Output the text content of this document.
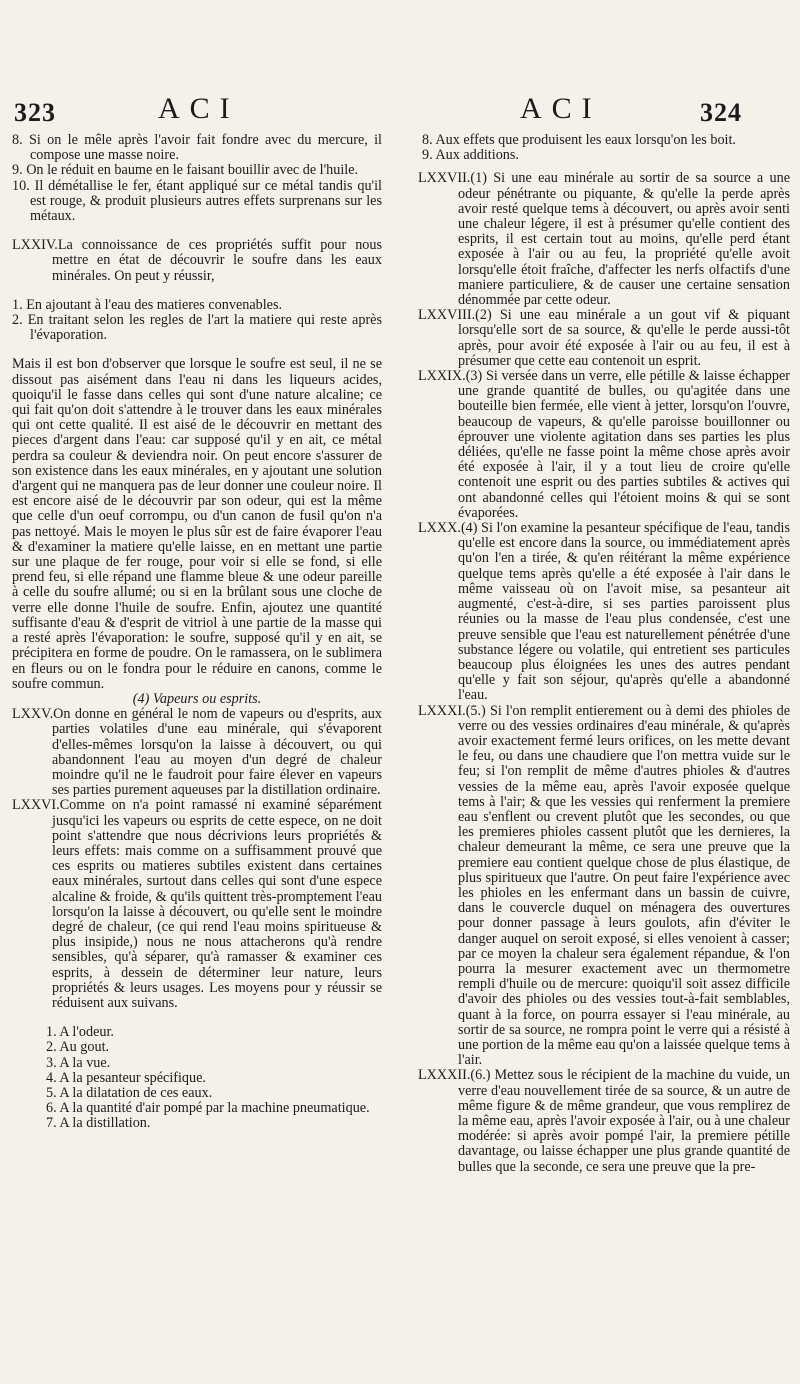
323	ACI	ACI	324

8. Si on le mêle après l'avoir fait fondre avec du mercure, il compose une masse noire.

9. On le réduit en baume en le faisant bouillir avec de l'huile.

10. Il démétallise le fer, étant appliqué sur ce métal tandis qu'il est rouge, & produit plusieurs autres effets surprenans sur les métaux.

LXXIV.La connoissance de ces propriétés suffit pour nous mettre en état de découvrir le soufre dans les eaux minérales. On peut y réussir,

1. En ajoutant à l'eau des matieres convenables.

2. En traitant selon les regles de l'art la matiere qui reste après l'évaporation.

Mais il est bon d'observer que lorsque le soufre est seul, il ne se dissout pas aisément dans l'eau ni dans les liqueurs acides, quoiqu'il le fasse dans celles qui sont d'une nature alcaline; ce qui fait qu'on doit s'attendre à le trouver dans les eaux minérales qui ont cette qualité. Il est aisé de le découvrir en mettant des pieces d'argent dans l'eau: car supposé qu'il y en ait, ce métal perdra sa couleur & deviendra noir. On peut encore s'assurer de son existence dans les eaux minérales, en y ajoutant une solution d'argent qui ne manquera pas de leur donner une couleur noire. Il est encore aisé de le découvrir par son odeur, qui est la même que celle d'un oeuf corrompu, ou d'un canon de fusil qu'on n'a pas nettoyé. Mais le moyen le plus sûr est de faire évaporer l'eau & d'examiner la matiere qu'elle laisse, en en mettant une partie sur une plaque de fer rouge, pour voir si elle se fond, si elle prend feu, si elle répand une flamme bleue & une odeur pareille à celle du soufre allumé; ou si en la brûlant sous une cloche de verre elle donne l'huile de soufre. Enfin, ajoutez une quantité suffisante d'eau & d'esprit de vitriol à une partie de la masse qui a resté après l'évaporation: le soufre, supposé qu'il y en ait, se précipitera en forme de poudre. On le ramassera, on le sublimera en fleurs ou on le fondra pour le réduire en canons, comme le soufre commun.

(4) Vapeurs ou esprits.

LXXV.On donne en général le nom de vapeurs ou d'esprits, aux parties volatiles d'une eau minérale, qui s'évaporent d'elles-mêmes lorsqu'on la laisse à découvert, ou qui abandonnent l'eau au moyen d'un degré de chaleur moindre qu'il ne le faudroit pour faire élever en vapeurs ses parties purement aqueuses par la distillation ordinaire.

LXXVI.Comme on n'a point ramassé ni examiné séparément jusqu'ici les vapeurs ou esprits de cette espece, on ne doit point s'attendre que nous décrivions leurs propriétés & leurs effets: mais comme on a suffisamment prouvé que ces esprits ou matieres subtiles existent dans certaines eaux minérales, surtout dans celles qui sont d'une espece alcaline & froide, & qu'ils quittent très-promptement l'eau lorsqu'on la laisse à découvert, ou qu'elle sent le moindre degré de chaleur, (ce qui rend l'eau moins spiritueuse & plus insipide,) nous ne nous attacherons qu'à rendre sensibles, qu'à séparer, qu'à ramasser & examiner ces esprits, à dessein de déterminer leur nature, leurs propriétés & leurs usages. Les moyens pour y réussir se réduisent aux suivans.

1. A l'odeur.

2. Au gout.

3. A la vue.

4. A la pesanteur spécifique.

5. A la dilatation de ces eaux.

6. A la quantité d'air pompé par la machine pneumatique.

7. A la distillation.

8. Aux effets que produisent les eaux lorsqu'on les boit.

9. Aux additions.

LXXVII.(1) Si une eau minérale au sortir de sa source a une odeur pénétrante ou piquante, & qu'elle la perde après avoir resté quelque tems à découvert, ou après avoir senti une chaleur légere, il est à présumer qu'elle contient des esprits, il est certain tout au moins, qu'elle perd étant exposée à l'air ou au feu, la propriété qu'elle avoit lorsqu'elle étoit fraîche, d'affecter les nerfs olfactifs d'une maniere particuliere, & de causer une certaine sensation dénommée par cette odeur.

LXXVIII.(2) Si une eau minérale a un gout vif & piquant lorsqu'elle sort de sa source, & qu'elle le perde aussi-tôt après, pour avoir été exposée à l'air ou au feu, il est à présumer que cette eau contenoit un esprit.

LXXIX.(3) Si versée dans un verre, elle pétille & laisse échapper une grande quantité de bulles, ou qu'agitée dans une bouteille bien fermée, elle vient à jetter, lorsqu'on l'ouvre, beaucoup de vapeurs, & qu'elle paroisse bouillonner ou éprouver une violente agitation dans ses parties les plus déliées, qu'elle ne fasse point la même chose après avoir été exposée à l'air, il y a tout lieu de croire qu'elle contenoit une esprit ou des parties subtiles & actives qui ont abandonné celles qui l'étoient moins & qui se sont évaporées.

LXXX.(4) Si l'on examine la pesanteur spécifique de l'eau, tandis qu'elle est encore dans la source, ou immédiatement après qu'on l'en a tirée, & qu'en réitérant la même expérience quelque tems après qu'elle a été exposée à l'air dans le même vaisseau où on l'avoit mise, sa pesanteur ait augmenté, c'est-à-dire, si ses parties paroissent plus réunies ou la masse de l'eau plus condensée, c'est une preuve sensible que l'eau est naturellement pénétrée d'une substance légere ou volatile, qui entretient ses particules beaucoup plus éloignées les unes des autres pendant qu'elle y fait son séjour, qu'après qu'elle a abandonné l'eau.

LXXXI.(5.) Si l'on remplit entierement ou à demi des phioles de verre ou des vessies ordinaires d'eau minérale, & qu'après avoir exactement fermé leurs orifices, on les mette devant le feu, ou dans une chaudiere que l'on mettra vuide sur le feu; si l'on remplit de même d'autres phioles & d'autres vessies de la même eau, après l'avoir exposée quelque tems à l'air; & que les vessies qui renferment la premiere eau s'enflent ou crevent plutôt que les secondes, ou que les premieres phioles cassent plutôt que les dernieres, la chaleur demeurant la même, ce sera une preuve que la premiere eau contient quelque chose de plus élastique, de plus spiritueux que l'autre. On peut faire l'expérience avec les phioles en les enfermant dans un bassin de cuivre, dans le couvercle duquel on ménagera des ouvertures pour donner passage à leurs goulots, afin d'éviter le danger auquel on seroit exposé, si elles venoient à casser; par ce moyen la chaleur sera également répandue, & l'on pourra la mesurer exactement avec un thermometre rempli d'huile ou de mercure: quoiqu'il soit assez difficile d'avoir des phioles ou des vessies tout-à-fait semblables, quant à la force, on pourra essayer si l'eau minérale, au sortir de sa source, ne rompra point le verre qui a résisté à une portion de la même eau qu'on a laissée quelque tems à l'air.

LXXXII.(6.) Mettez sous le récipient de la machine du vuide, un verre d'eau nouvellement tirée de sa source, & un autre de même figure & de même grandeur, que vous remplirez de la même eau, après l'avoir exposée à l'air, ou à une chaleur modérée: si après avoir pompé l'air, la premiere pétille davantage, ou laisse échapper une plus grande quantité de bulles que la seconde, ce sera une preuve que la pre-
